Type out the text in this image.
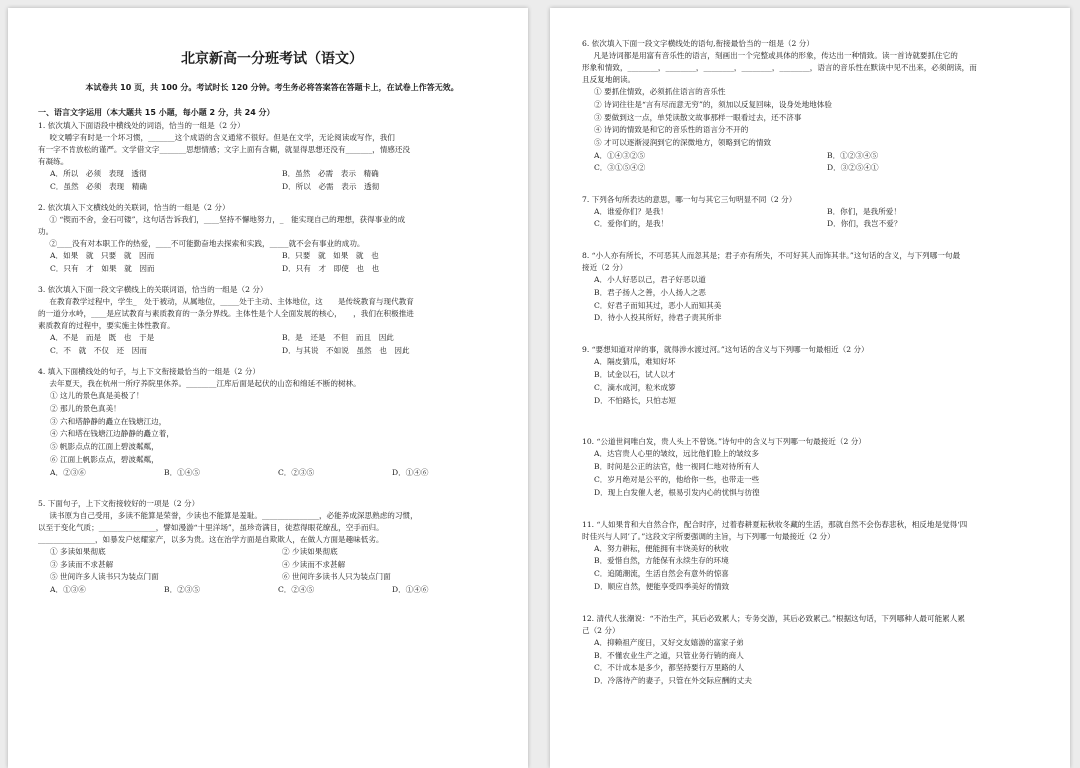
北京新高一分班考试（语文）
本试卷共 10 页，共 100 分。考试时长 120 分钟。考生务必将答案答在答题卡上，在试卷上作答无效。
一、语言文字运用（本大题共 15 小题，每小题 2 分，共 24 分）
1. 依次填入下面语段中横线处的词语，恰当的一组是（2 分）
咬文嚼字有时是一个坏习惯，_______这个成语的含义通常不很好。但是在文学，无论阅读或写作，我们
有一字不肯放松的谨严。文学借文字_______思想情感；文字上面有含糊，就显得思想还没有_______，情感还没
有凝练。
A．所以　必须　表现　透彻	B．虽然　必需　表示　精确
C．虽然　必须　表现　精确	D．所以　必需　表示　透彻
2. 依次填入下文横线处的关联词，恰当的一组是（2 分）
① “锲而不舍，金石可镂”，这句话告诉我们，____坚持不懈地努力，_　能实现自己的理想，获得事业的成
功。
②____没有对本职工作的热爱，____不可能勤奋地去探索和实践，_____就不会有事业的成功。
A．如果　就　只要　就　因而	B．只要　就　如果　就　也
C．只有　才　如果　就　因而	D．只有　才　即使　也　也
3. 依次填入下面一段文字横线上的关联词语，恰当的一组是（2 分）
在教育教学过程中，学生_　处于被动，从属地位，_____处于主动、主体地位，这　　是传统教育与现代教育
的一道分水岭，____是应试教育与素质教育的一条分界线。主体性是个人全面发展的核心，　　，我们在积极推进
素质教育的过程中，要实施主体性教育。
A．不是　而是　既　也　于是	B．是　还是　不但　而且　因此
C．不　就　不仅　还　因而	D．与其说　不如说　虽然　也　因此
4. 填入下面横线处的句子，与上下文衔接最恰当的一组是（2 分）
去年夏天，我在杭州一所疗养院里休养。________江库后面是起伏的山峦和绵延不断的树林。
① 这儿的景色真是美极了！
② 那儿的景色真美！
③ 六和塔静静的矗立在钱塘江边，
④ 六和塔在钱塘江边静静的矗立着，
⑤ 帆影点点的江面上碧波粼粼，
⑥ 江面上帆影点点，碧波粼粼，
A．②③⑥	B．①④⑤	C．②③⑤	D．①④⑥
5. 下面句子，上下文衔接较好的一项是（2 分）
读书原为自己受用，多读不能算是荣誉，少读也不能算是羞耻。_______________，必能养成深思熟虑的习惯，
以至于变化气质；_______________，譬如漫游“十里洋场”，虽珍奇满目，徒惹得眼花缭乱，空手而归。
_______________，如暴发户炫耀家产，以多为贵。这在治学方面是自欺欺人，在做人方面是趣味低劣。
① 多读如果彻底	② 少读如果彻底
③ 多读而不求甚解	④ 少读而不求甚解
⑤ 世间许多人读书只为装点门面	⑥ 世间许多读书人只为装点门面
A．①③⑥	B．②③⑤	C．②④⑤	D．①④⑥
6. 依次填入下面一段文字横线处的语句,衔接最恰当的一组是（2 分）
凡是诗词都是用富有音乐性的语言，刻画出一个完整或具体的形象，传达出一种情致。读一首诗就要抓住它的
形象和情致，________，________，________，________，________，语言的音乐性在默读中见不出来，必须朗读，而
且反复地朗读。
① 要抓住情致，必须抓住语言的音乐性
② 诗词往往是“言有尽而意无穷”的，须加以反复回味，设身处地地体验
③ 要做到这一点，单凭读散文故事那样一眼看过去，还不济事
④ 诗词的情致是和它的音乐性的语言分不开的
⑤ 才可以逐渐浸润到它的深微地方，领略到它的情致
A．①④③②⑤	B．①②③④⑤
C．③①⑤④②	D．③②⑤④①
7. 下列各句所表达的意思，哪一句与其它三句明显不同（2 分）
A．谁爱你们？是我！	B．你们，是我所爱！
C．爱你们的，是我！	D．你们，我岂不爱？
8. “小人亦有所长，不可恶其人而忽其是；君子亦有所失，不可好其人而饰其非。”这句话的含义，与下列哪一句最
接近（2 分）
A．小人好恶以己，君子好恶以道
B．君子扬人之善，小人扬人之恶
C．好君子而知其过，恶小人而知其美
D．待小人投其所好，待君子责其所非
9. “要想知道对岸的事，就得涉水渡过河。”这句话的含义与下列哪一句最相近（2 分）
A．隔皮猜瓜，难知好坏
B．试金以石，试人以才
C．滴水成河，粒米成箩
D．不怕路长，只怕志短
10. “公道世间唯白发，贵人头上不曾饶。”诗句中的含义与下列哪一句最接近（2 分）
A．达官贵人心里的皱纹，远比他们脸上的皱纹多
B．时间是公正的法官，他一视同仁地对待所有人
C．岁月绝对是公平的，他给你一些，也带走一些
D．现上白发催人老，根易引发内心的忧惧与彷徨
11. “人如果肯和大自然合作，配合时序，过着春耕夏耘秋收冬藏的生活，那就自然不会伤春悲秋，相反地是觉得‘四
时佳兴与人同’了。”这段文字所要强调的主旨，与下列哪一句最接近（2 分）
A．努力耕耘，便能拥有丰饶美好的秋收
B．爱惜自然，方能保有永续生存的环境
C．追随潮流，生活自然会有意外的惊喜
D．顺应自然，便能享受四季美好的情致
12. 清代人张潮说：“不治生产，其后必致累人；专务交游，其后必致累己。”根据这句话，下列哪种人最可能累人累
己（2 分）
A．抑赖祖产度日，又好交友嬉游的富家子弟
B．不懂农业生产之道，只管业务行销的商人
C．不计成本是多少，都坚持要行万里路的人
D．冷落待产的妻子，只管在外交际应酬的丈夫
